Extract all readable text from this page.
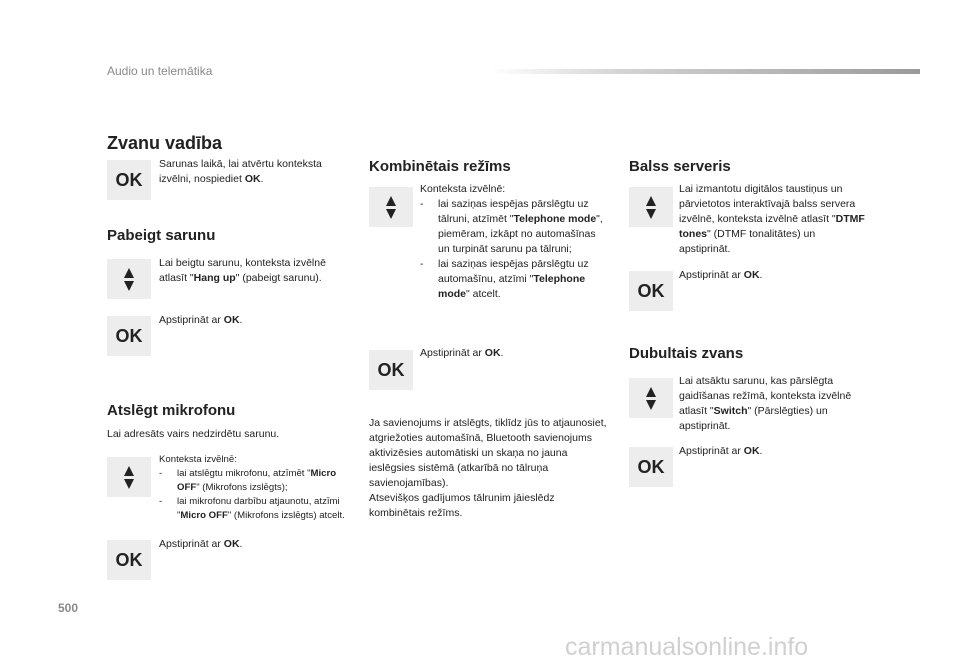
Audio un telemātika
Zvanu vadība
OK
Sarunas laikā, lai atvērtu konteksta izvēlni, nospiediet OK.
Pabeigt sarunu
Lai beigtu sarunu, konteksta izvēlnē atlasīt "Hang up" (pabeigt sarunu).
OK
Apstiprināt ar OK.
Atslēgt mikrofonu
Lai adresāts vairs nedzirdētu sarunu.
Konteksta izvēlnē:
-	lai atslēgtu mikrofonu, atzīmēt "Micro OFF" (Mikrofons izslēgts);
-	lai mikrofonu darbību atjaunotu, atzīmi "Micro OFF" (Mikrofons izslēgts) atcelt.
OK
Apstiprināt ar OK.
Kombinētais režīms
Konteksta izvēlnē:
-	lai saziņas iespējas pārslēgtu uz tālruni, atzīmēt "Telephone mode", piemēram, izkāpt no automašīnas un turpināt sarunu pa tālruni;
-	lai saziņas iespējas pārslēgtu uz automašīnu, atzīmi "Telephone mode" atcelt.
OK
Apstiprināt ar OK.
Ja savienojums ir atslēgts, tiklīdz jūs to atjaunosiet, atgriežoties automašīnā, Bluetooth savienojums aktivizēsies automātiski un skaņa no jauna ieslēgsies sistēmā (atkarībā no tālruņa savienojamības).
Atsevišķos gadījumos tālrunim jāieslēdz kombinētais režīms.
Balss serveris
Lai izmantotu digitālos taustiņus un pārvietotos interaktīvajā balss servera izvēlnē, konteksta izvēlnē atlasīt "DTMF tones" (DTMF tonalitātes) un apstiprināt.
OK
Apstiprināt ar OK.
Dubultais zvans
Lai atsāktu sarunu, kas pārslēgta gaidīšanas režīmā, konteksta izvēlnē atlasīt "Switch" (Pārslēgties) un apstiprināt.
OK
Apstiprināt ar OK.
500
carmanualsonline.info
